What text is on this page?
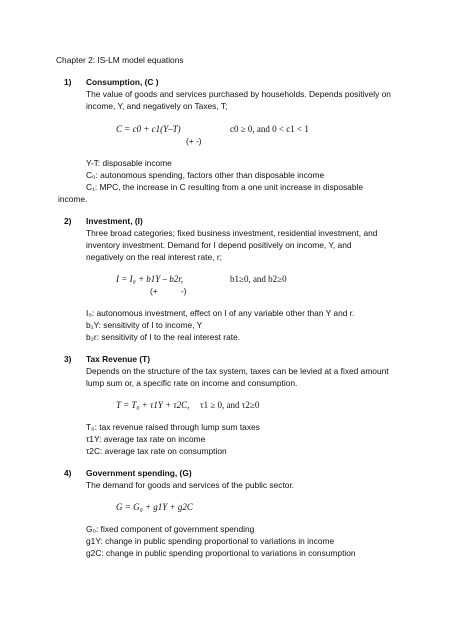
Chapter 2: IS-LM model equations
1) Consumption, (C )
The value of goods and services purchased by households. Depends positively on
income, Y, and negatively on Taxes, T;
C = c0 + c1(Y–T)	c0 ≥ 0, and 0 < c1 < 1
(+ -)
Y-T: disposable income
C₀: autonomous spending, factors other than disposable income
C₁: MPC, the increase in C resulting from a one unit increase in disposable
income.
2) Investment, (I)
Three broad categories; fixed business investment, residential investment, and
inventory investment. Demand for I depend positively on income, Y, and
negatively on the real interest rate, r;
I = I₀ + b1Y – b2r,	b1≥0, and b2≥0
(+          -)
I₀: autonomous investment, effect on I of any variable other than Y and r.
b₁Y: sensitivity of I to income, Y
b₂r: sensitivity of I to the real interest rate.
3) Tax Revenue (T)
Depends on the structure of the tax system, taxes can be levied at a fixed amount
lump sum or, a specific rate on income and consumption.
T = T₀ + τ1Y + τ2C, τ1 ≥ 0, and τ2≥0
T₀: tax revenue raised through lump sum taxes
τ1Y: average tax rate on income
τ2C: average tax rate on consumption
4) Government spending, (G)
The demand for goods and services of the public sector.
G = G₀ + g1Y + g2C
G₀: fixed component of government spending
g1Y: change in public spending proportional to variations in income
g2C: change in public spending proportional to variations in consumption
